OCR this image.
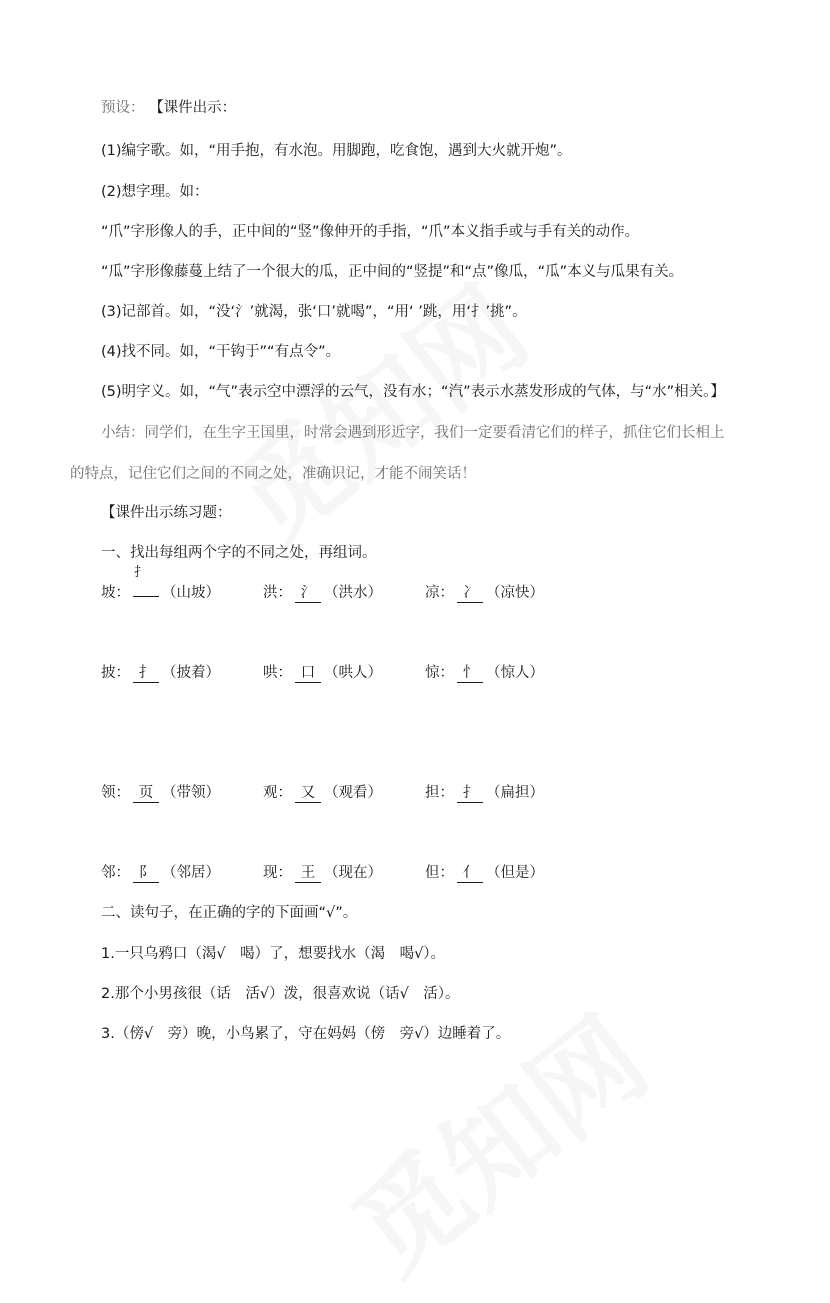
预设： 【课件出示：
(1)编字歌。如，“用手抱，有水泡。用脚跑，吃食饱，遇到大火就开炮”。
(2)想字理。如：
“爪”字形像人的手，正中间的“竖”像伸开的手指，“爪”本义指手或与手有关的动作。
“瓜”字形像藤蔓上结了一个很大的瓜，正中间的“竖提”和“点”像瓜，“瓜”本义与瓜果有关。
(3)记部首。如，“没‘氵’就渴，张‘口’就喝”，“用‘ ’跳，用‘扌’挑”。
(4)找不同。如，“干钩于”“有点令”。
(5)明字义。如，“气”表示空中漂浮的云气，没有水；“汽”表示水蒸发形成的气体，与“水”相关。】
小结：同学们，在生字王国里，时常会遇到形近字，我们一定要看清它们的样子，抓住它们长相上
的特点，记住它们之间的不同之处，准确识记，才能不闹笑话！
【课件出示练习题：
一、找出每组两个字的不同之处，再组词。
扌
坡： （山坡）	洪： 氵 （洪水）	凉： 冫 （凉快）
披： 扌 （披着）	哄： 口 （哄人）	惊： 忄 （惊人）
领： 页 （带领）	观： 又 （观看）	担： 扌 （扁担）
邻： 阝 （邻居）	现： 王 （现在）	但： 亻 （但是）
二、读句子，在正确的字的下面画“√”。
1.一只乌鸦口（渴√　喝）了，想要找水（渴　喝√）。
2.那个小男孩很（话　活√）泼，很喜欢说（话√　活）。
3.（傍√　旁）晚，小鸟累了，守在妈妈（傍　旁√）边睡着了。
